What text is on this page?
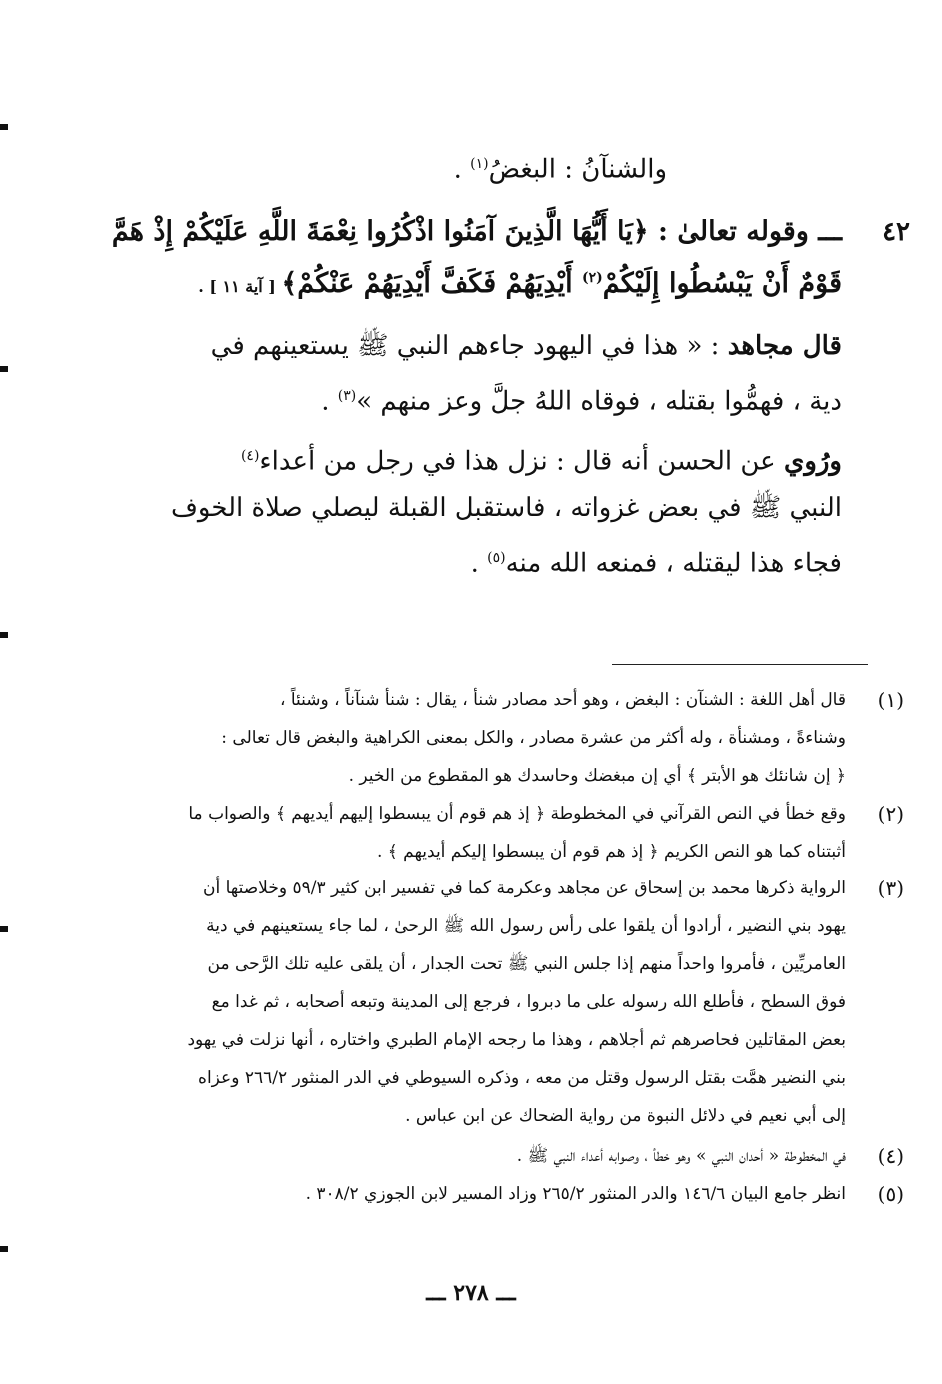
والشنآنُ : البغضُ$^{(١)}$ .
٤٢
ـــ وقوله تعالىٰ : ﴿يَا أَيُّهَا الَّذِينَ آمَنُوا اذْكُرُوا نِعْمَةَ اللَّهِ عَلَيْكُمْ إِذْ هَمَّ
قَوْمٌ أَنْ يَبْسُطُوا إِلَيْكُمْ$^{(٢)}$ أَيْدِيَهُمْ فَكَفَّ أَيْدِيَهُمْ عَنْكُمْ﴾ [ آية ١١ ] .
قال مجاهد : « هذا في اليهود جاءهم النبي ﷺ يستعينهم في
دية ، فهمُّوا بقتله ، فوقاه اللهُ جلَّ وعز منهم »$^{(٣)}$ .
ورُوي عن الحسن أنه قال : نزل هذا في رجل من أعداء$^{(٤)}$
النبي ﷺ في بعض غزواته ، فاستقبل القبلة ليصلي صلاة الخوف
فجاء هذا ليقتله ، فمنعه الله منه$^{(٥)}$ .
(١)
قال أهل اللغة : الشنآن : البغض ، وهو أحد مصادر شنأ ، يقال : شنأ شنآناً ، وشنئاً ،
وشناءةً ، ومشنأة ، وله أكثر من عشرة مصادر ، والكل بمعنى الكراهية والبغض قال تعالى :
﴿ إن شانئك هو الأبتر ﴾ أي إن مبغضك وحاسدك هو المقطوع من الخير .
(٢)
وقع خطأ في النص القرآني في المخطوطة ﴿ إذ هم قوم أن يبسطوا إليهم أيديهم ﴾ والصواب ما
أثبتناه كما هو النص الكريم ﴿ إذ هم قوم أن يبسطوا إليكم أيديهم ﴾ .
(٣)
الرواية ذكرها محمد بن إسحاق عن مجاهد وعكرمة كما في تفسير ابن كثير ٥٩/٣ وخلاصتها أن
يهود بني النضير ، أرادوا أن يلقوا على رأس رسول الله ﷺ الرحىٰ ، لما جاء يستعينهم في دية
العامريِّين ، فأمروا واحداً منهم إذا جلس النبي ﷺ تحت الجدار ، أن يلقى عليه تلك الرَّحى من
فوق السطح ، فأطلع الله رسوله على ما دبروا ، فرجع إلى المدينة وتبعه أصحابه ، ثم غدا مع
بعض المقاتلين فحاصرهم ثم أجلاهم ، وهذا ما رجحه الإمام الطبري واختاره ، أنها نزلت في يهود
بني النضير همَّت بقتل الرسول وقتل من معه ، وذكره السيوطي في الدر المنثور ٢٦٦/٢ وعزاه
إلى أبي نعيم في دلائل النبوة من رواية الضحاك عن ابن عباس .
(٤)
في المخطوطة « أحدان النبي » وهو خطأ ، وصوابه أعداء النبي ﷺ .
(٥)
انظر جامع البيان ١٤٦/٦ والدر المنثور ٢٦٥/٢ وزاد المسير لابن الجوزي ٣٠٨/٢ .
ـــ ٢٧٨ ـــ
